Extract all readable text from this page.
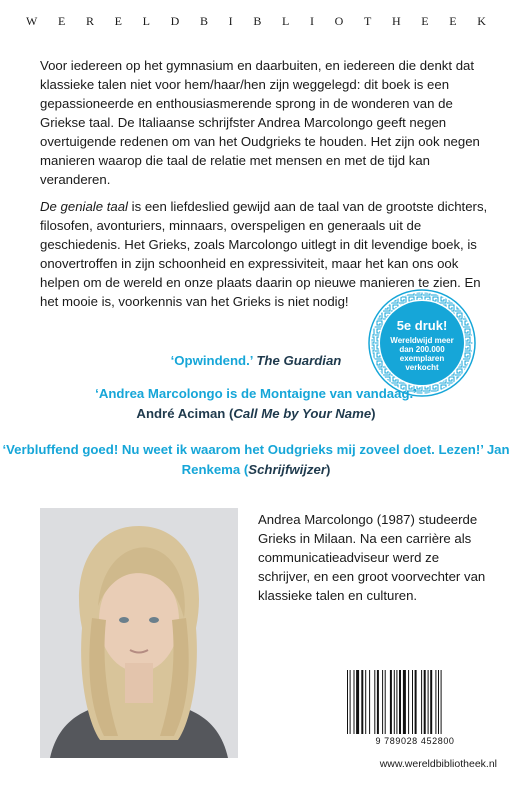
W E R E L D B I B L I O T H E E K

Voor iedereen op het gymnasium en daarbuiten, en iedereen die denkt dat klassieke talen niet voor hem/haar/hen zijn weggelegd: dit boek is een gepassioneerde en enthousiasmerende sprong in de wonderen van de Griekse taal. De Italiaanse schrijfster Andrea Marcolongo geeft negen overtuigende redenen om van het Oudgrieks te houden. Het zijn ook negen manieren waarop die taal de relatie met mensen en met de tijd kan veranderen.

De geniale taal is een liefdeslied gewijd aan de taal van de grootste dichters, filosofen, avonturiers, minnaars, overspeligen en generaals uit de geschiedenis. Het Grieks, zoals Marcolongo uitlegt in dit levendige boek, is onovertroffen in zijn schoonheid en expressiviteit, maar het kan ons ook helpen om de wereld en onze plaats daarin op nieuwe manieren te zien. En het mooie is, voorkennis van het Grieks is niet nodig!

5e druk!
Wereldwijd meer
dan 200.000
exemplaren
verkocht

‘Opwindend.’ The Guardian

‘Andrea Marcolongo is de Montaigne van vandaag.’
André Aciman (Call Me by Your Name)

‘Verbluffend goed! Nu weet ik waarom het Oudgrieks mij zoveel doet. Lezen!’ Jan Renkema (Schrijfwijzer)

Andrea Marcolongo (1987) studeerde Grieks in Milaan. Na een carrière als communicatieadviseur werd ze schrijver, en een groot voorvechter van klassieke talen en culturen.

9 789028 452800
www.wereldbibliotheek.nl
